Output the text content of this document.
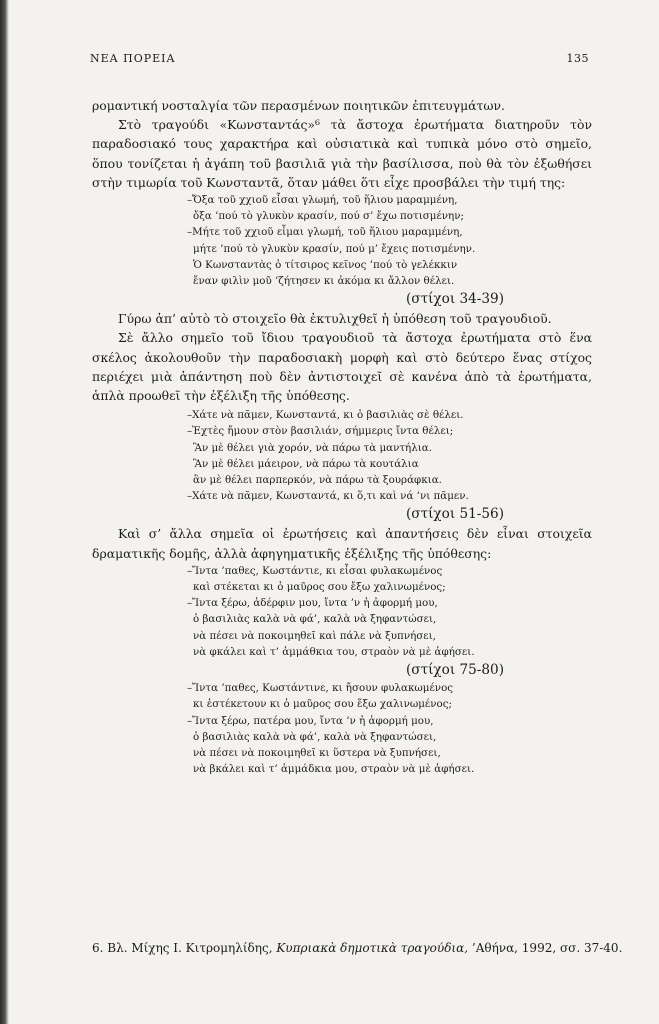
ΝΕΑ ΠΟΡΕΙΑ	135

ρομαντική νοσταλγία τῶν περασμένων ποιητικῶν ἐπιτευγμάτων.

Στὸ τραγούδι «Κωνσταντάς»⁶ τὰ ἄστοχα ἐρωτήματα διατηροῦν τὸν παραδοσιακό τους χαρακτήρα καὶ οὐσιατικὰ καὶ τυπικὰ μόνο στὸ σημεῖο, ὅπου τονίζεται ἡ ἀγάπη τοῦ βασιλιᾶ γιὰ τὴν βασίλισσα, ποὺ θὰ τὸν ἐξωθήσει στὴν τιμωρία τοῦ Κωνσταντᾶ, ὅταν μάθει ὅτι εἶχε προσβάλει τὴν τιμή της:

–Ὄξα τοῦ χχιοῦ εἶσαι γλωμή, τοῦ ἥλιου μαραμμένη,
ὄξα ’πού τὸ γλυκὺν κρασίν, πού σ’ ἔχω ποτισμένην;
–Μήτε τοῦ χχιοῦ εἶμαι γλωμή, τοῦ ἥλιου μαραμμένη,
μήτε ’πού τὸ γλυκὺν κρασίν, πού μ’ ἔχεις ποτισμένην.
Ὁ Κωνσταντὰς ὁ τίτσιρος κεῖνος ’πού τὸ γελέκκιν
ἔναν φιλὶν μοῦ ’ζήτησεν κι ἀκόμα κι ἄλλον θέλει.

(στίχοι 34-39)

Γύρω ἀπ’ αὐτὸ τὸ στοιχεῖο θὰ ἐκτυλιχθεῖ ἡ ὑπόθεση τοῦ τραγουδιοῦ.

Σὲ ἄλλο σημεῖο τοῦ ἴδιου τραγουδιοῦ τὰ ἄστοχα ἐρωτήματα στὸ ἕνα σκέλος ἀκολουθοῦν τὴν παραδοσιακὴ μορφὴ καὶ στὸ δεύτερο ἕνας στίχος περιέχει μιὰ ἀπάντηση ποὺ δὲν ἀντιστοιχεῖ σὲ κανένα ἀπὸ τὰ ἐρωτήματα, ἁπλὰ προωθεῖ τὴν ἐξέλιξη τῆς ὑπόθεσης.

–Χάτε νὰ πᾶμεν, Κωνσταντά, κι ὁ βασιλιὰς σὲ θέλει.
–Ἐχτὲς ἤμουν στὸν βασιλιάν, σήμμερις ἴντα θέλει;
Ἂν μὲ θέλει γιὰ χορόν, νὰ πάρω τὰ μαντήλια.
Ἂν μὲ θέλει μάειρον, νὰ πάρω τὰ κουτάλια
ἂν μὲ θέλει παρπερκόν, νὰ πάρω τὰ ξουράφκια.
–Χάτε νὰ πᾶμεν, Κωνσταντά, κι ὅ,τι καὶ νά ’νι πᾶμεν.

(στίχοι 51-56)

Καὶ σ’ ἄλλα σημεῖα οἱ ἐρωτήσεις καὶ ἀπαντήσεις δὲν εἶναι στοιχεῖα δραματικῆς δομῆς, ἀλλὰ ἀφηγηματικῆς ἐξέλιξης τῆς ὑπόθεσης:

–Ἴντα ’παθες, Κωστάντιε, κι εἶσαι φυλακωμένος
καὶ στέκεται κι ὁ μαῦρος σου ἔξω χαλινωμένος;
–Ἴντα ξέρω, ἀδέρφιν μου, ἴντα ’ν ἡ ἀφορμή μου,
ὁ βασιλιὰς καλὰ νὰ φά’, καλὰ νὰ ξηφαντώσει,
νὰ πέσει νὰ ποκοιμηθεῖ καὶ πάλε νὰ ξυπνήσει,
νὰ φκάλει καὶ τ’ ἀμμάθκια του, στραὸν νὰ μὲ ἀφήσει.

(στίχοι 75-80)

–Ἴντα ’παθες, Κωστάντινε, κι ἤσουν φυλακωμένος
κι ἐστέκετουν κι ὁ μαῦρος σου ἔξω χαλινωμένος;
–Ἴντα ξέρω, πατέρα μου, ἴντα ’ν ἡ ἀφορμή μου,
ὁ βασιλιὰς καλὰ νὰ φά’, καλὰ νὰ ξηφαντώσει,
νὰ πέσει νὰ ποκοιμηθεῖ κι ὕστερα νὰ ξυπνήσει,
νὰ βκάλει καὶ τ’ ἀμμάδκια μου, στραὸν νὰ μὲ ἀφήσει.
6. Βλ. Μίχης Ι. Κιτρομηλίδης, Κυπριακὰ δημοτικὰ τραγούδια, ’Αθήνα, 1992, σσ. 37-40.
